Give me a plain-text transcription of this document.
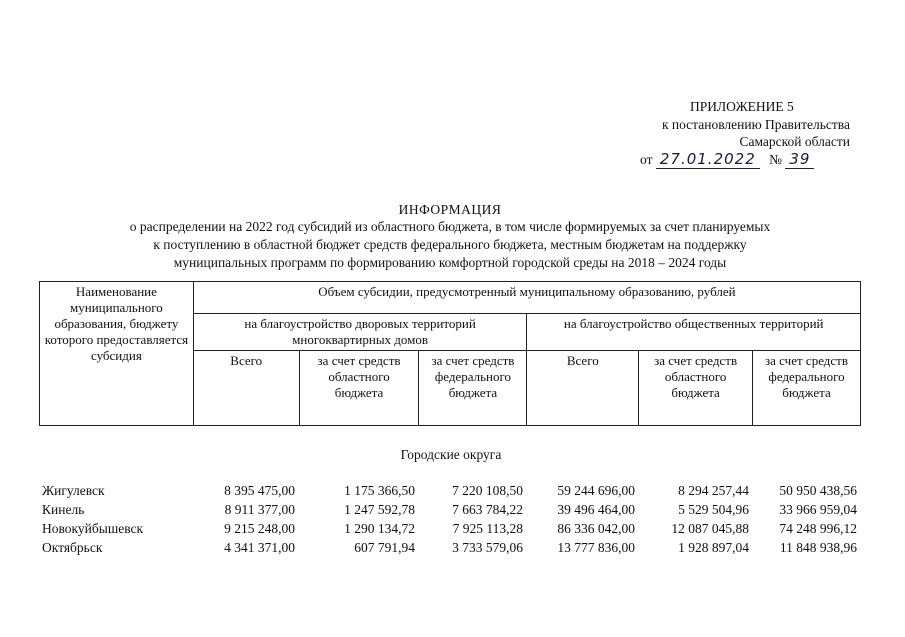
ПРИЛОЖЕНИЕ 5
к постановлению Правительства
Самарской области
от 27.01.2022 № 39
ИНФОРМАЦИЯ
о распределении на 2022 год субсидий из областного бюджета, в том числе формируемых за счет планируемых
к поступлению в областной бюджет средств федерального бюджета, местным бюджетам на поддержку
муниципальных программ по формированию комфортной городской среды на 2018 – 2024 годы
Наименование муниципального образования, бюджету которого предоставляется субсидия	Объем субсидии, предусмотренный муниципальному образованию, рублей					
	на благоустройство дворовых территорий многоквартирных домов			на благоустройство общественных территорий		
	Всего	за счет средств областного бюджета	за счет средств федерального бюджета	Всего	за счет средств областного бюджета	за счет средств федерального бюджета
Городские округа
Жигулевск	8 395 475,00	1 175 366,50	7 220 108,50	59 244 696,00	8 294 257,44	50 950 438,56
Кинель	8 911 377,00	1 247 592,78	7 663 784,22	39 496 464,00	5 529 504,96	33 966 959,04
Новокуйбышевск	9 215 248,00	1 290 134,72	7 925 113,28	86 336 042,00	12 087 045,88	74 248 996,12
Октябрьск	4 341 371,00	607 791,94	3 733 579,06	13 777 836,00	1 928 897,04	11 848 938,96
